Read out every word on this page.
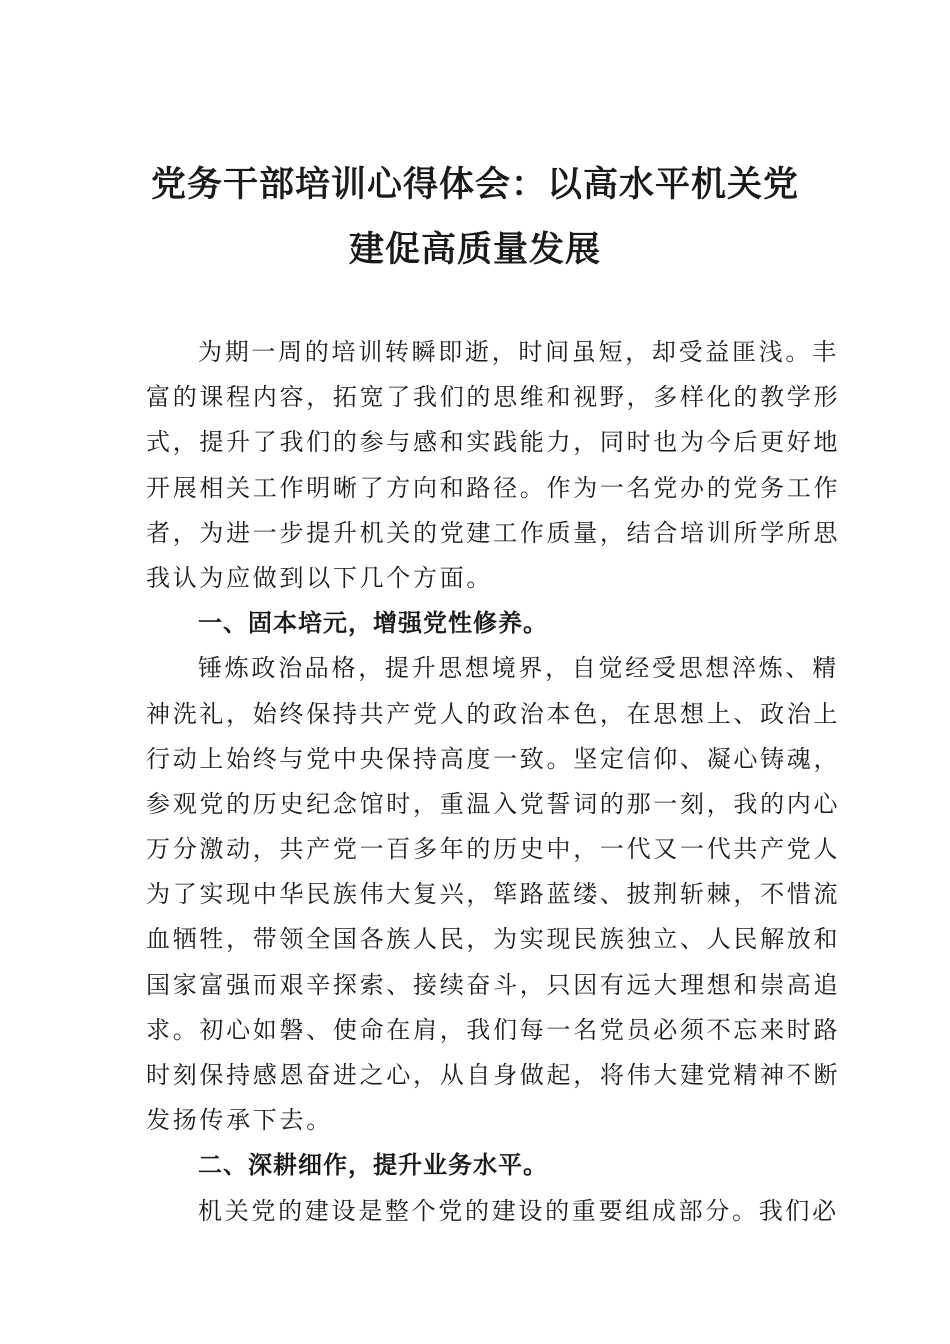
党务干部培训心得体会：以高水平机关党
建促高质量发展
为期一周的培训转瞬即逝，时间虽短，却受益匪浅。丰
富的课程内容，拓宽了我们的思维和视野，多样化的教学形
式，提升了我们的参与感和实践能力，同时也为今后更好地
开展相关工作明晰了方向和路径。作为一名党办的党务工作
者，为进一步提升机关的党建工作质量，结合培训所学所思
我认为应做到以下几个方面。
一、固本培元，增强党性修养。
锤炼政治品格，提升思想境界，自觉经受思想淬炼、精
神洗礼，始终保持共产党人的政治本色，在思想上、政治上
行动上始终与党中央保持高度一致。坚定信仰、凝心铸魂，
参观党的历史纪念馆时，重温入党誓词的那一刻，我的内心
万分激动，共产党一百多年的历史中，一代又一代共产党人
为了实现中华民族伟大复兴，筚路蓝缕、披荆斩棘，不惜流
血牺牲，带领全国各族人民，为实现民族独立、人民解放和
国家富强而艰辛探索、接续奋斗，只因有远大理想和崇高追
求。初心如磐、使命在肩，我们每一名党员必须不忘来时路
时刻保持感恩奋进之心，从自身做起，将伟大建党精神不断
发扬传承下去。
二、深耕细作，提升业务水平。
机关党的建设是整个党的建设的重要组成部分。我们必
